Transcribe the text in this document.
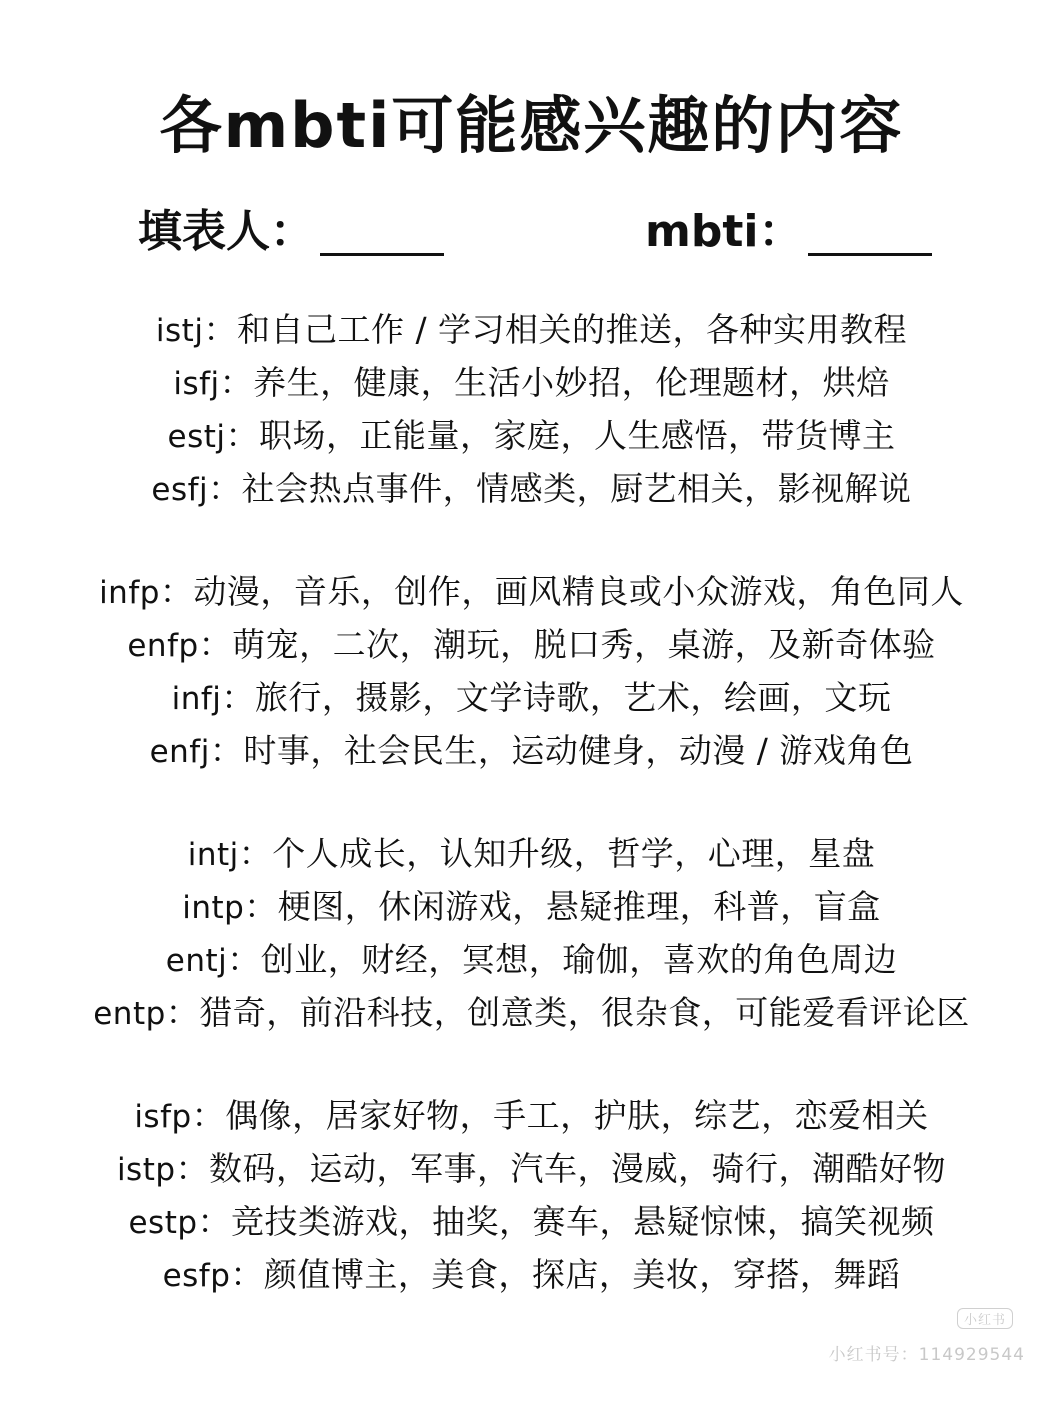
各mbti可能感兴趣的内容
填表人：	mbti：
istj：和自己工作 / 学习相关的推送，各种实用教程
isfj：养生，健康，生活小妙招，伦理题材，烘焙
estj：职场，正能量，家庭，人生感悟，带货博主
esfj：社会热点事件，情感类，厨艺相关，影视解说
infp：动漫，音乐，创作，画风精良或小众游戏，角色同人
enfp：萌宠，二次，潮玩，脱口秀，桌游，及新奇体验
infj：旅行，摄影，文学诗歌，艺术，绘画，文玩
enfj：时事，社会民生，运动健身，动漫 / 游戏角色
intj：个人成长，认知升级，哲学，心理，星盘
intp：梗图，休闲游戏，悬疑推理，科普，盲盒
entj：创业，财经，冥想，瑜伽，喜欢的角色周边
entp：猎奇，前沿科技，创意类，很杂食，可能爱看评论区
isfp：偶像，居家好物，手工，护肤，综艺，恋爱相关
istp：数码，运动，军事，汽车，漫威，骑行，潮酷好物
estp：竞技类游戏，抽奖，赛车，悬疑惊悚，搞笑视频
esfp：颜值博主，美食，探店，美妆，穿搭，舞蹈
小红书
小红书号：114929544
